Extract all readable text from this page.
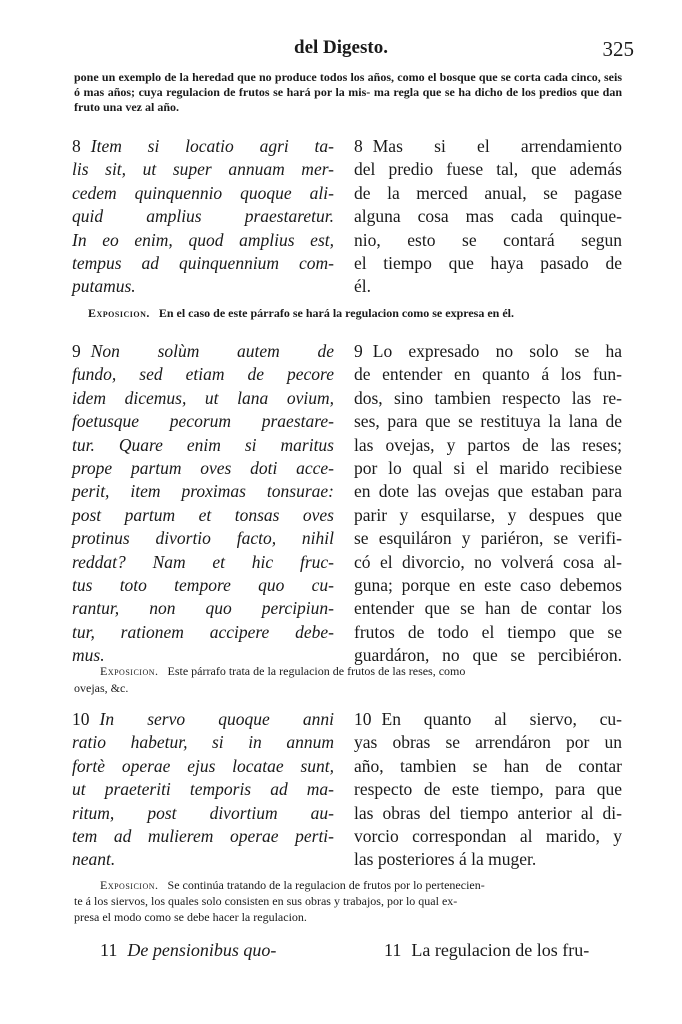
del Digesto.	325
pone un exemplo de la heredad que no produce todos los años, como el bosque que se corta cada cinco, seis ó mas años; cuya regulacion de frutos se hará por la mis- ma regla que se ha dicho de los predios que dan fruto una vez al año.
8 Item si locatio agri ta-
lis sit, ut super annuam mer-
cedem quinquennio quoque ali-
quid amplius praestaretur.
In eo enim, quod amplius est,
tempus ad quinquennium com-
putamus.
8 Mas si el arrendamiento
del predio fuese tal, que además
de la merced anual, se pagase
alguna cosa mas cada quinque-
nio, esto se contará segun
el tiempo que haya pasado de
él.
Exposicion. En el caso de este párrafo se hará la regulacion como se expresa en él.
9 Non solùm autem de
fundo, sed etiam de pecore
idem dicemus, ut lana ovium,
foetusque pecorum praestare-
tur. Quare enim si maritus
prope partum oves doti acce-
perit, item proximas tonsurae:
post partum et tonsas oves
protinus divortio facto, nihil
reddat? Nam et hic fruc-
tus toto tempore quo cu-
rantur, non quo percipiun-
tur, rationem accipere debe-
mus.
9 Lo expresado no solo se ha
de entender en quanto á los fun-
dos, sino tambien respecto las re-
ses, para que se restituya la lana de
las ovejas, y partos de las reses;
por lo qual si el marido recibiese
en dote las ovejas que estaban para
parir y esquilarse, y despues que
se esquiláron y pariéron, se verifi-
có el divorcio, no volverá cosa al-
guna; porque en este caso debemos
entender que se han de contar los
frutos de todo el tiempo que se
guardáron, no que se percibiéron.
Exposicion. Este párrafo trata de la regulacion de frutos de las reses, como
ovejas, &c.
10 In servo quoque anni
ratio habetur, si in annum
fortè operae ejus locatae sunt,
ut praeteriti temporis ad ma-
ritum, post divortium au-
tem ad mulierem operae perti-
neant.
10 En quanto al siervo, cu-
yas obras se arrendáron por un
año, tambien se han de contar
respecto de este tiempo, para que
las obras del tiempo anterior al di-
vorcio correspondan al marido, y
las posteriores á la muger.
Exposicion. Se continúa tratando de la regulacion de frutos por lo pertenecien-
te á los siervos, los quales solo consisten en sus obras y trabajos, por lo qual ex-
presa el modo como se debe hacer la regulacion.
11 De pensionibus quo-	11 La regulacion de los fru-
